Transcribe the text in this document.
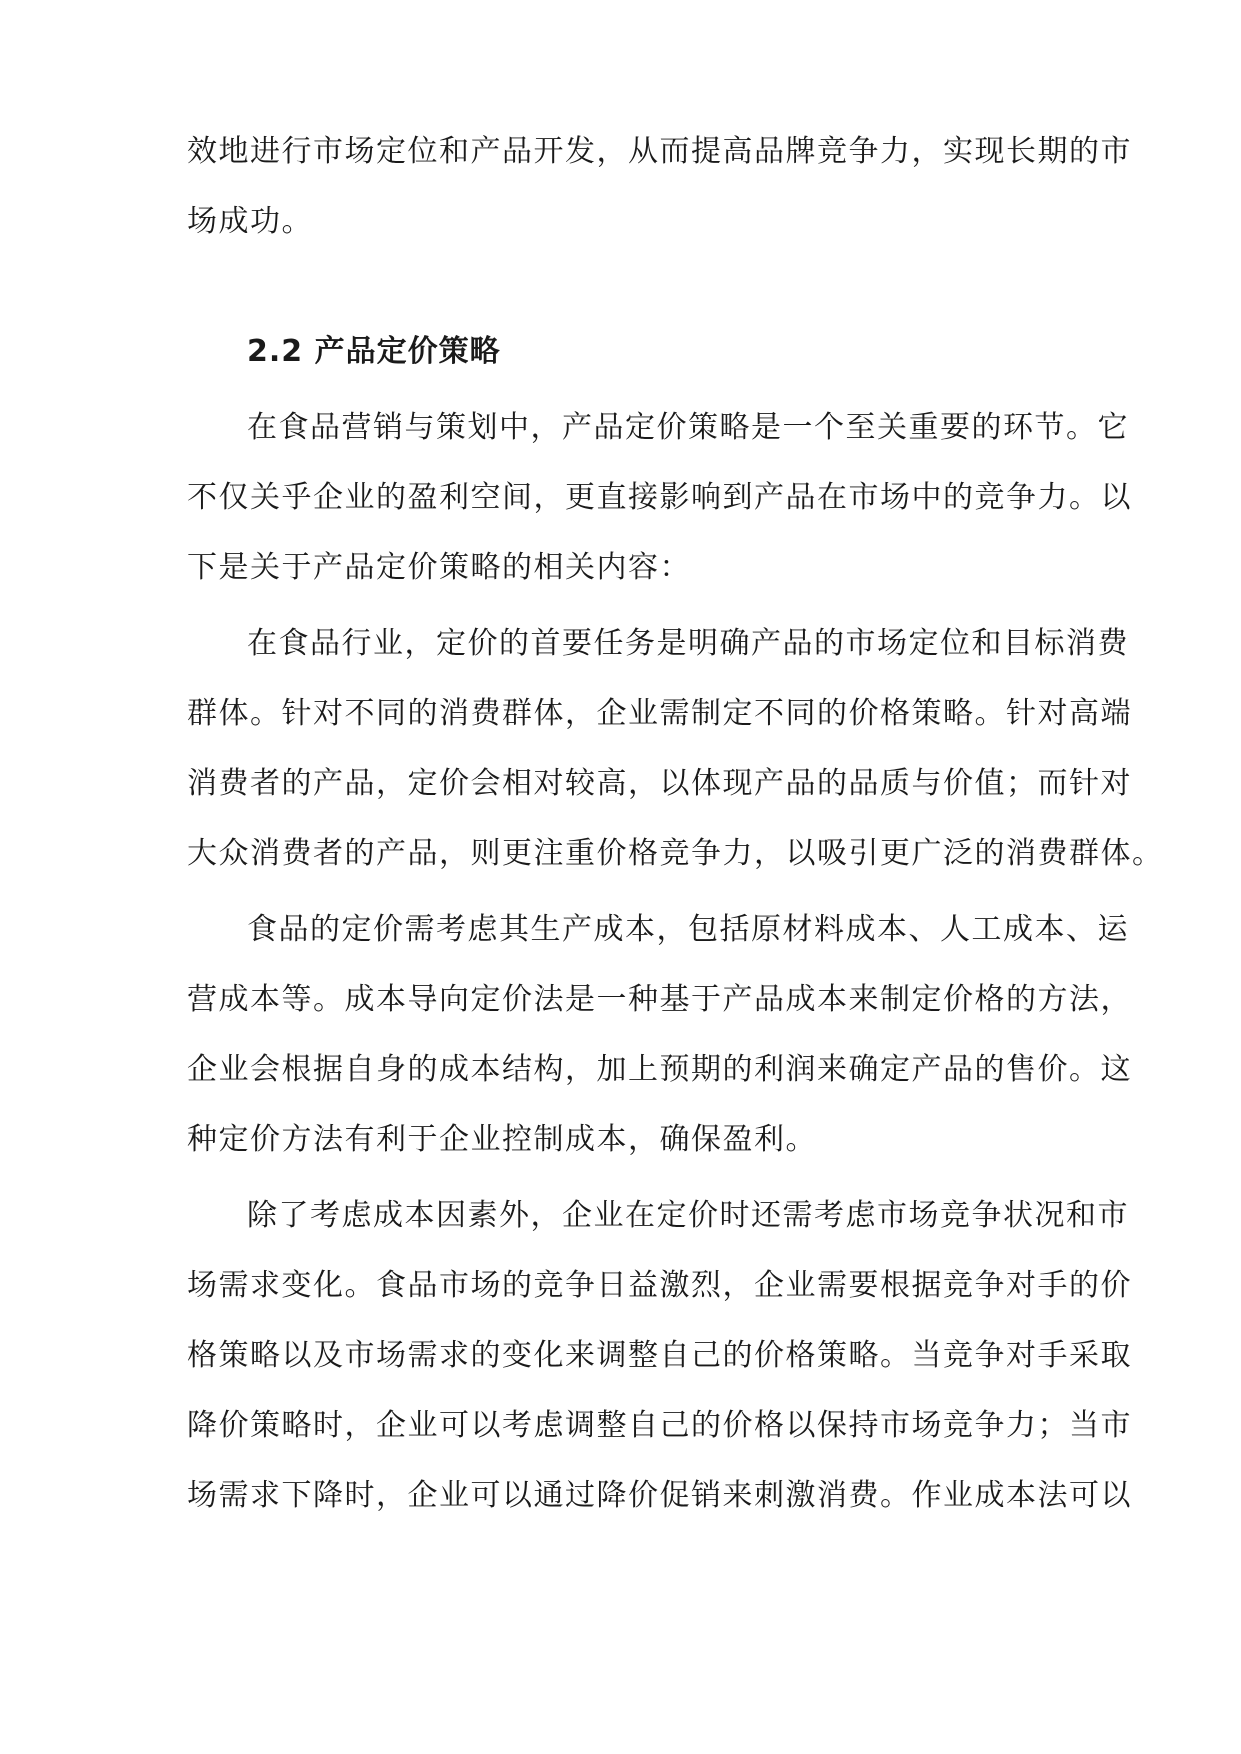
效地进行市场定位和产品开发，从而提高品牌竞争力，实现长期的市
场成功。
2.2 产品定价策略
在食品营销与策划中，产品定价策略是一个至关重要的环节。它
不仅关乎企业的盈利空间，更直接影响到产品在市场中的竞争力。以
下是关于产品定价策略的相关内容：
在食品行业，定价的首要任务是明确产品的市场定位和目标消费
群体。针对不同的消费群体，企业需制定不同的价格策略。针对高端
消费者的产品，定价会相对较高，以体现产品的品质与价值；而针对
大众消费者的产品，则更注重价格竞争力，以吸引更广泛的消费群体。
食品的定价需考虑其生产成本，包括原材料成本、人工成本、运
营成本等。成本导向定价法是一种基于产品成本来制定价格的方法，
企业会根据自身的成本结构，加上预期的利润来确定产品的售价。这
种定价方法有利于企业控制成本，确保盈利。
除了考虑成本因素外，企业在定价时还需考虑市场竞争状况和市
场需求变化。食品市场的竞争日益激烈，企业需要根据竞争对手的价
格策略以及市场需求的变化来调整自己的价格策略。当竞争对手采取
降价策略时，企业可以考虑调整自己的价格以保持市场竞争力；当市
场需求下降时，企业可以通过降价促销来刺激消费。作业成本法可以
